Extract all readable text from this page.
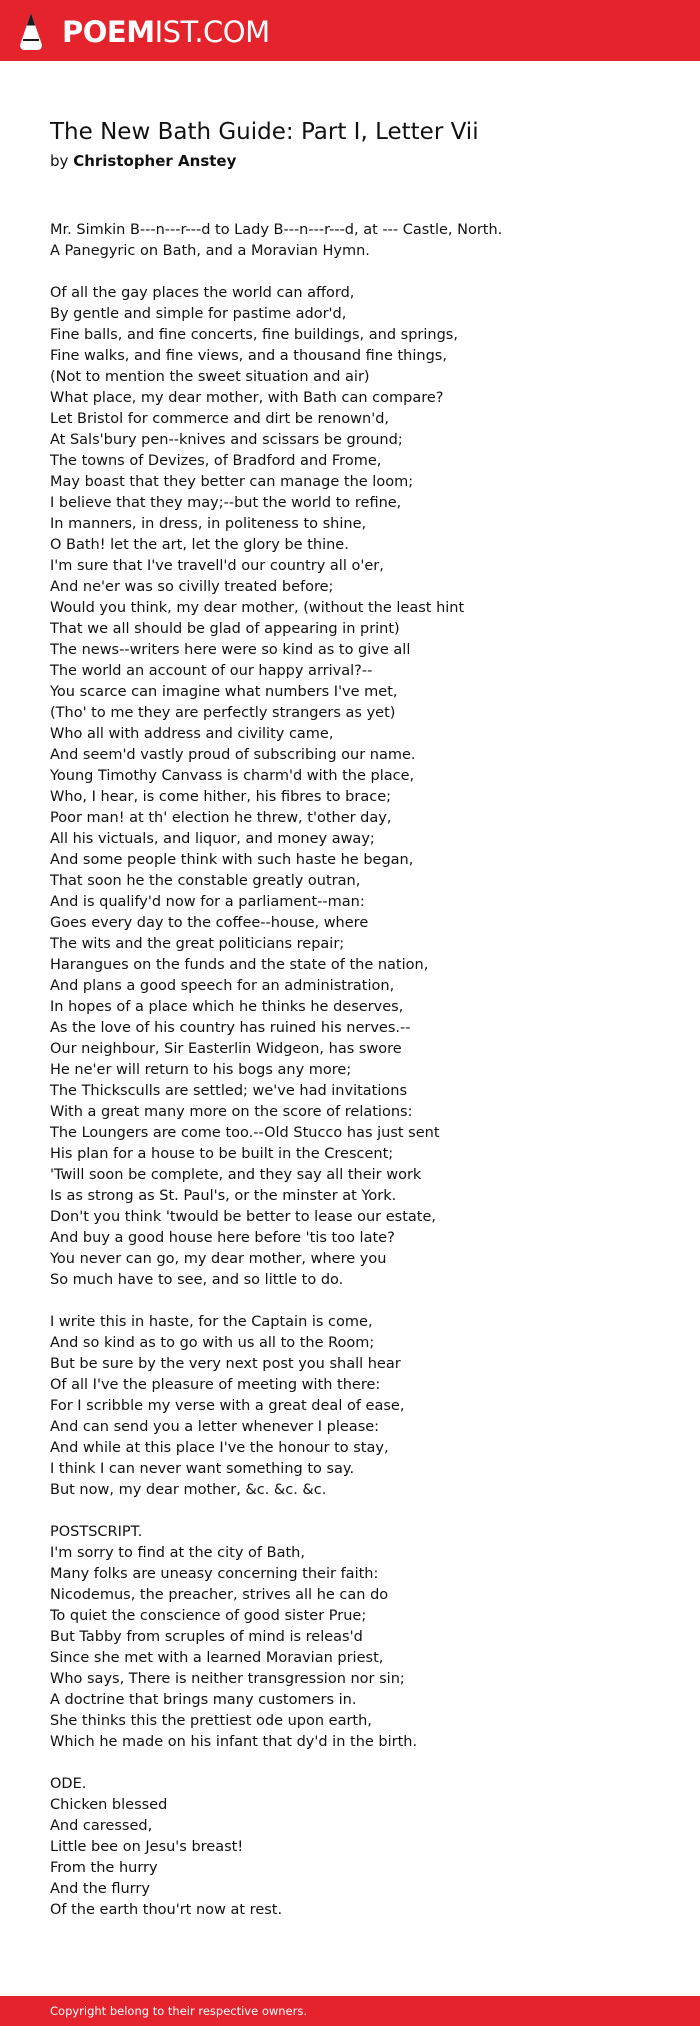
POEMIST.COM
The New Bath Guide: Part I, Letter Vii
by Christopher Anstey
Mr. Simkin B---n---r---d to Lady B---n---r---d, at --- Castle, North.
A Panegyric on Bath, and a Moravian Hymn.
Of all the gay places the world can afford,
By gentle and simple for pastime ador'd,
Fine balls, and fine concerts, fine buildings, and springs,
Fine walks, and fine views, and a thousand fine things,
(Not to mention the sweet situation and air)
What place, my dear mother, with Bath can compare?
Let Bristol for commerce and dirt be renown'd,
At Sals'bury pen--knives and scissars be ground;
The towns of Devizes, of Bradford and Frome,
May boast that they better can manage the loom;
I believe that they may;--but the world to refine,
In manners, in dress, in politeness to shine,
O Bath! let the art, let the glory be thine.
I'm sure that I've travell'd our country all o'er,
And ne'er was so civilly treated before;
Would you think, my dear mother, (without the least hint
That we all should be glad of appearing in print)
The news--writers here were so kind as to give all
The world an account of our happy arrival?--
You scarce can imagine what numbers I've met,
(Tho' to me they are perfectly strangers as yet)
Who all with address and civility came,
And seem'd vastly proud of subscribing our name.
Young Timothy Canvass is charm'd with the place,
Who, I hear, is come hither, his fibres to brace;
Poor man! at th' election he threw, t'other day,
All his victuals, and liquor, and money away;
And some people think with such haste he began,
That soon he the constable greatly outran,
And is qualify'd now for a parliament--man:
Goes every day to the coffee--house, where
The wits and the great politicians repair;
Harangues on the funds and the state of the nation,
And plans a good speech for an administration,
In hopes of a place which he thinks he deserves,
As the love of his country has ruined his nerves.--
Our neighbour, Sir Easterlin Widgeon, has swore
He ne'er will return to his bogs any more;
The Thicksculls are settled; we've had invitations
With a great many more on the score of relations:
The Loungers are come too.--Old Stucco has just sent
His plan for a house to be built in the Crescent;
'Twill soon be complete, and they say all their work
Is as strong as St. Paul's, or the minster at York.
Don't you think 'twould be better to lease our estate,
And buy a good house here before 'tis too late?
You never can go, my dear mother, where you
So much have to see, and so little to do.
I write this in haste, for the Captain is come,
And so kind as to go with us all to the Room;
But be sure by the very next post you shall hear
Of all I've the pleasure of meeting with there:
For I scribble my verse with a great deal of ease,
And can send you a letter whenever I please:
And while at this place I've the honour to stay,
I think I can never want something to say.
But now, my dear mother, &c. &c. &c.
POSTSCRIPT.
I'm sorry to find at the city of Bath,
Many folks are uneasy concerning their faith:
Nicodemus, the preacher, strives all he can do
To quiet the conscience of good sister Prue;
But Tabby from scruples of mind is releas'd
Since she met with a learned Moravian priest,
Who says, There is neither transgression nor sin;
A doctrine that brings many customers in.
She thinks this the prettiest ode upon earth,
Which he made on his infant that dy'd in the birth.
ODE.
Chicken blessed
And caressed,
Little bee on Jesu's breast!
From the hurry
And the flurry
Of the earth thou'rt now at rest.
Copyright belong to their respective owners.
